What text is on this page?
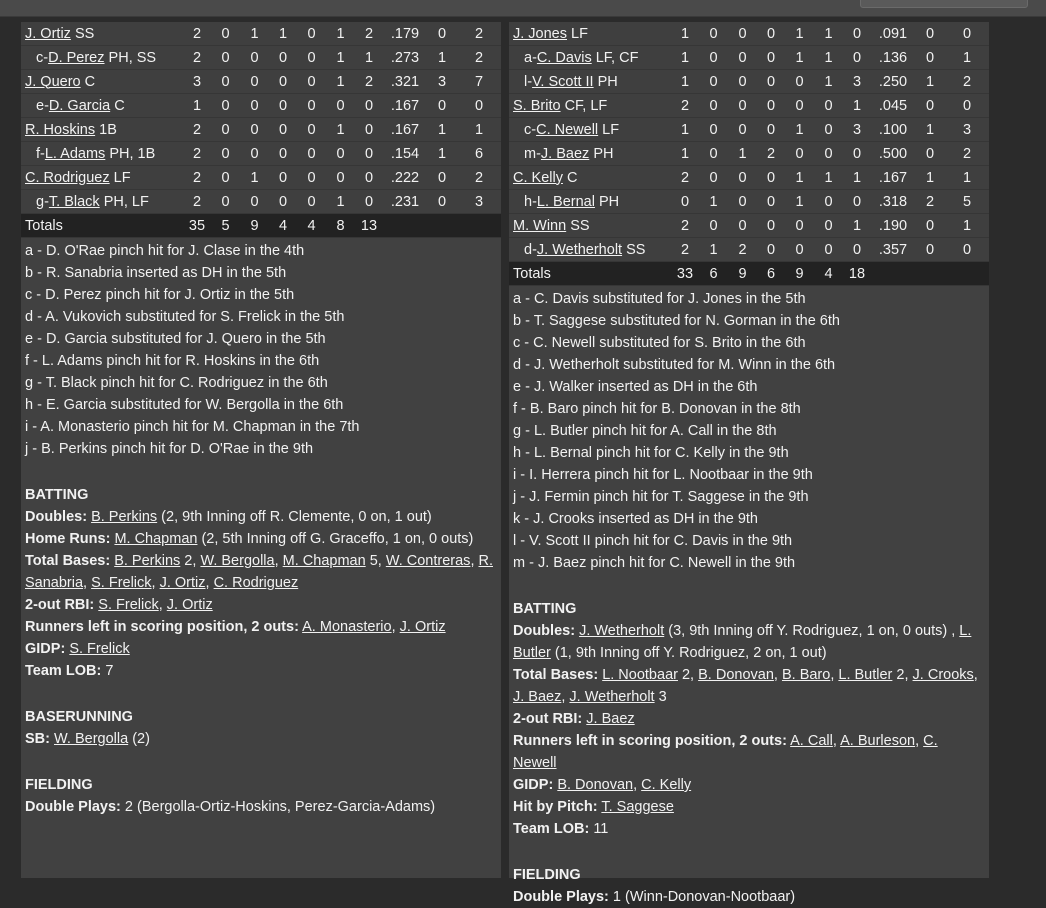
J. Ortiz SS	2	0	1	1	0	1	2	.179	0	2
c-D. Perez PH, SS	2	0	0	0	0	1	1	.273	1	2
J. Quero C	3	0	0	0	0	1	2	.321	3	7
e-D. Garcia C	1	0	0	0	0	0	0	.167	0	0
R. Hoskins 1B	2	0	0	0	0	1	0	.167	1	1
f-L. Adams PH, 1B	2	0	0	0	0	0	0	.154	1	6
C. Rodriguez LF	2	0	1	0	0	0	0	.222	0	2
g-T. Black PH, LF	2	0	0	0	0	1	0	.231	0	3
Totals	35	5	9	4	4	8	13			
a - D. O'Rae pinch hit for J. Clase in the 4th
b - R. Sanabria inserted as DH in the 5th
c - D. Perez pinch hit for J. Ortiz in the 5th
d - A. Vukovich substituted for S. Frelick in the 5th
e - D. Garcia substituted for J. Quero in the 5th
f - L. Adams pinch hit for R. Hoskins in the 6th
g - T. Black pinch hit for C. Rodriguez in the 6th
h - E. Garcia substituted for W. Bergolla in the 6th
i - A. Monasterio pinch hit for M. Chapman in the 7th
j - B. Perkins pinch hit for D. O'Rae in the 9th
BATTING
Doubles: B. Perkins (2, 9th Inning off R. Clemente, 0 on, 1 out)
Home Runs: M. Chapman (2, 5th Inning off G. Graceffo, 1 on, 0 outs)
Total Bases: B. Perkins 2, W. Bergolla, M. Chapman 5, W. Contreras, R. Sanabria, S. Frelick, J. Ortiz, C. Rodriguez
2-out RBI: S. Frelick, J. Ortiz
Runners left in scoring position, 2 outs: A. Monasterio, J. Ortiz
GIDP: S. Frelick
Team LOB: 7
BASERUNNING
SB: W. Bergolla (2)
FIELDING
Double Plays: 2 (Bergolla-Ortiz-Hoskins, Perez-Garcia-Adams)
J. Jones LF	1	0	0	0	1	1	0	.091	0	0
a-C. Davis LF, CF	1	0	0	0	1	1	0	.136	0	1
l-V. Scott II PH	1	0	0	0	0	1	3	.250	1	2
S. Brito CF, LF	2	0	0	0	0	0	1	.045	0	0
c-C. Newell LF	1	0	0	0	1	0	3	.100	1	3
m-J. Baez PH	1	0	1	2	0	0	0	.500	0	2
C. Kelly C	2	0	0	0	1	1	1	.167	1	1
h-L. Bernal PH	0	1	0	0	1	0	0	.318	2	5
M. Winn SS	2	0	0	0	0	0	1	.190	0	1
d-J. Wetherholt SS	2	1	2	0	0	0	0	.357	0	0
Totals	33	6	9	6	9	4	18			
a - C. Davis substituted for J. Jones in the 5th
b - T. Saggese substituted for N. Gorman in the 6th
c - C. Newell substituted for S. Brito in the 6th
d - J. Wetherholt substituted for M. Winn in the 6th
e - J. Walker inserted as DH in the 6th
f - B. Baro pinch hit for B. Donovan in the 8th
g - L. Butler pinch hit for A. Call in the 8th
h - L. Bernal pinch hit for C. Kelly in the 9th
i - I. Herrera pinch hit for L. Nootbaar in the 9th
j - J. Fermin pinch hit for T. Saggese in the 9th
k - J. Crooks inserted as DH in the 9th
l - V. Scott II pinch hit for C. Davis in the 9th
m - J. Baez pinch hit for C. Newell in the 9th
BATTING
Doubles: J. Wetherholt (3, 9th Inning off Y. Rodriguez, 1 on, 0 outs) , L. Butler (1, 9th Inning off Y. Rodriguez, 2 on, 1 out)
Total Bases: L. Nootbaar 2, B. Donovan, B. Baro, L. Butler 2, J. Crooks, J. Baez, J. Wetherholt 3
2-out RBI: J. Baez
Runners left in scoring position, 2 outs: A. Call, A. Burleson, C. Newell
GIDP: B. Donovan, C. Kelly
Hit by Pitch: T. Saggese
Team LOB: 11
FIELDING
Double Plays: 1 (Winn-Donovan-Nootbaar)
